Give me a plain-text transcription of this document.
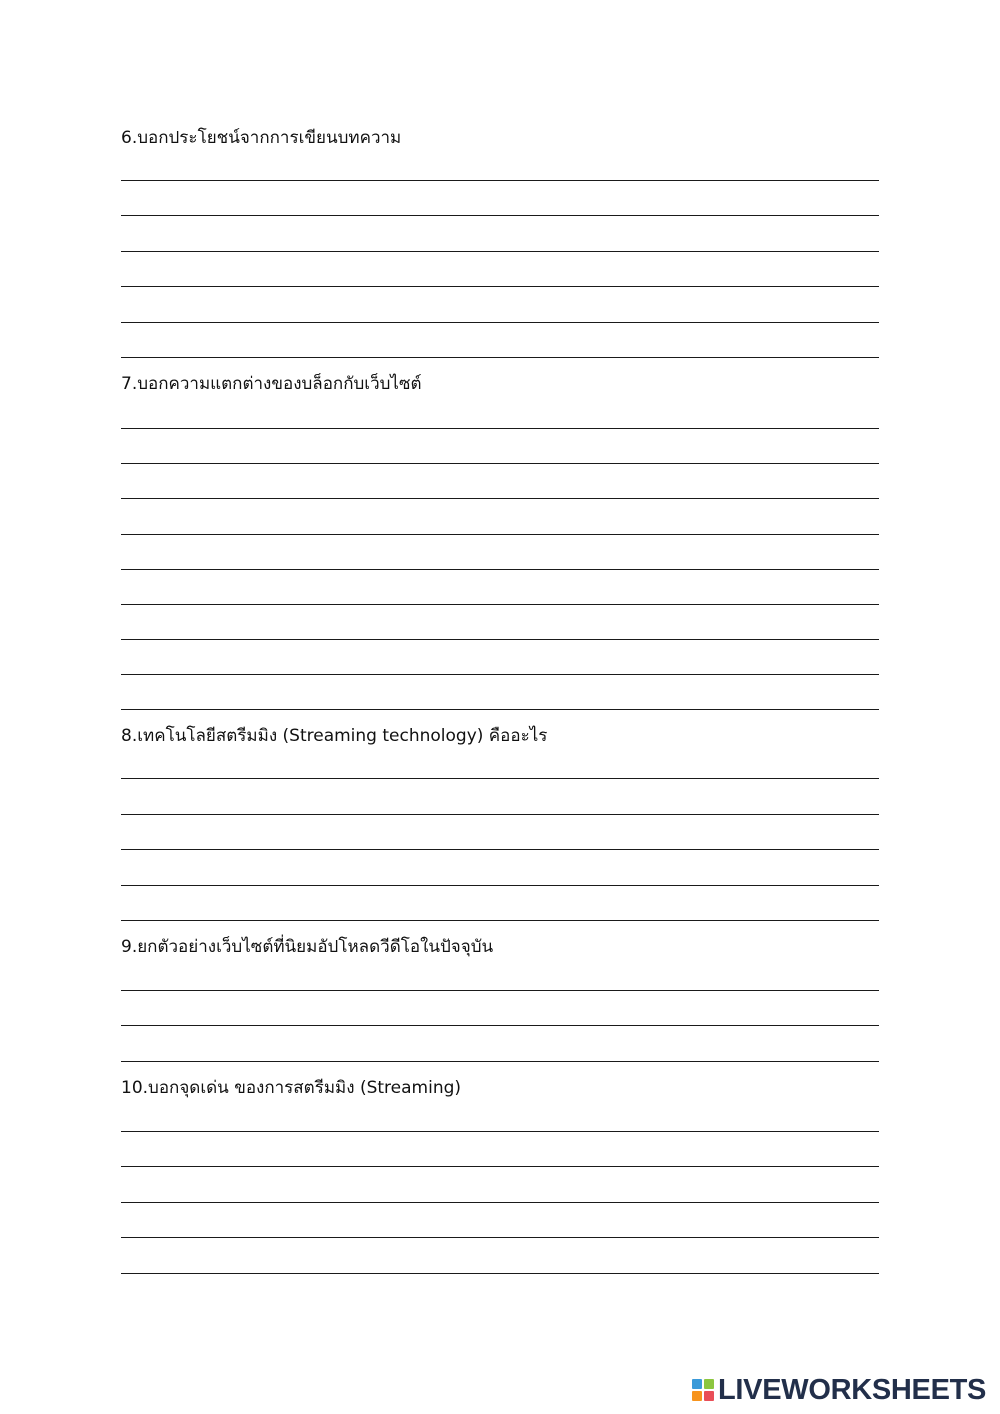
6.บอกประโยชน์จากการเขียนบทความ
7.บอกความแตกต่างของบล็อกกับเว็บไซต์
8.เทคโนโลยีสตรีมมิง (Streaming technology) คืออะไร
9.ยกตัวอย่างเว็บไซต์ที่นิยมอัปโหลดวีดีโอในปัจจุบัน
10.บอกจุดเด่น ของการสตรีมมิง (Streaming)
LIVEWORKSHEETS
